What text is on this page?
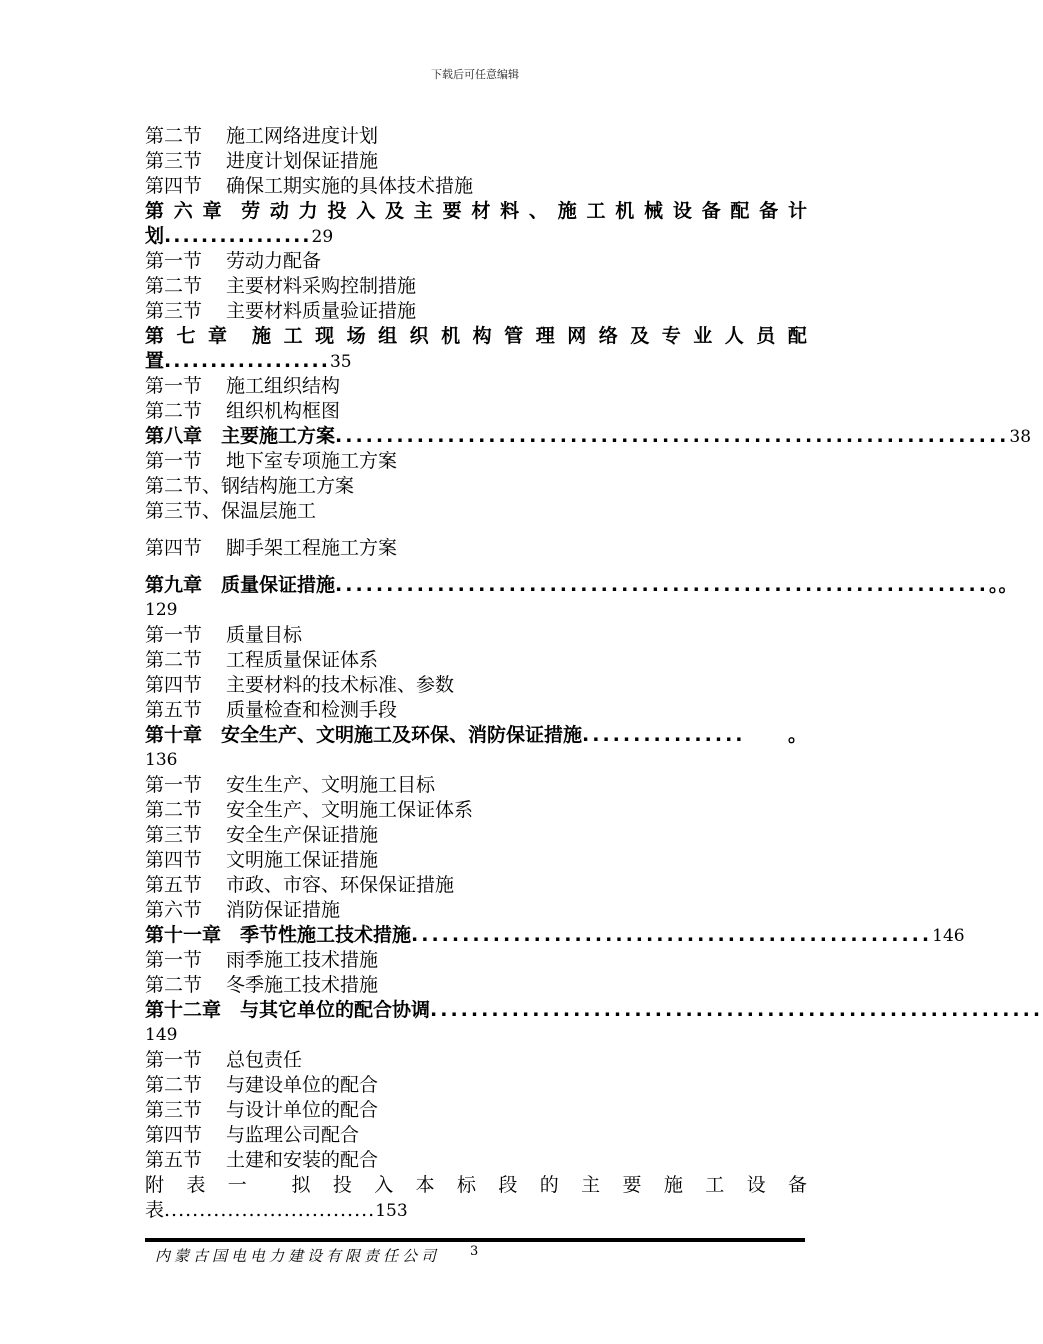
下载后可任意编辑
第二节 施工网络进度计划
第三节 进度计划保证措施
第四节 确保工期实施的具体技术措施
第 六 章 劳 动 力 投 入 及 主 要 材 料 、 施 工 机 械 设 备 配 备 计
划................29
第一节 劳动力配备
第二节 主要材料采购控制措施
第三节 主要材料质量验证措施
第 七 章 施 工 现 场 组 织 机 构 管 理 网 络 及 专 业 人 员 配
置..................35
第一节 施工组织结构
第二节 组织机构框图
第八章　主要施工方案 .................................................................. 38
第一节 地下室专项施工方案
第二节、钢结构施工方案
第三节、保温层施工
第四节 脚手架工程施工方案
第九章　质量保证措施 ................................................................ 。。
129
第一节 质量目标
第二节 工程质量保证体系
第四节 主要材料的技术标准、参数
第五节 质量检查和检测手段
第十章　安全生产、文明施工及环保、消防保证措施 ................	。
136
第一节 安生生产、文明施工目标
第二节 安全生产、文明施工保证体系
第三节 安全生产保证措施
第四节 文明施工保证措施
第五节 市政、市容、环保保证措施
第六节 消防保证措施
第十一章　季节性施工技术措施 ................................................... 146
第一节 雨季施工技术措施
第二节 冬季施工技术措施
第十二章　与其它单位的配合协调 ............................................................
149
第一节 总包责任
第二节 与建设单位的配合
第三节 与设计单位的配合
第四节 与监理公司配合
第五节 土建和安装的配合
附 表 一 拟 投 入 本 标 段 的 主 要 施 工 设 备
表..............................153
内蒙古国电电力建设有限责任公司 3
